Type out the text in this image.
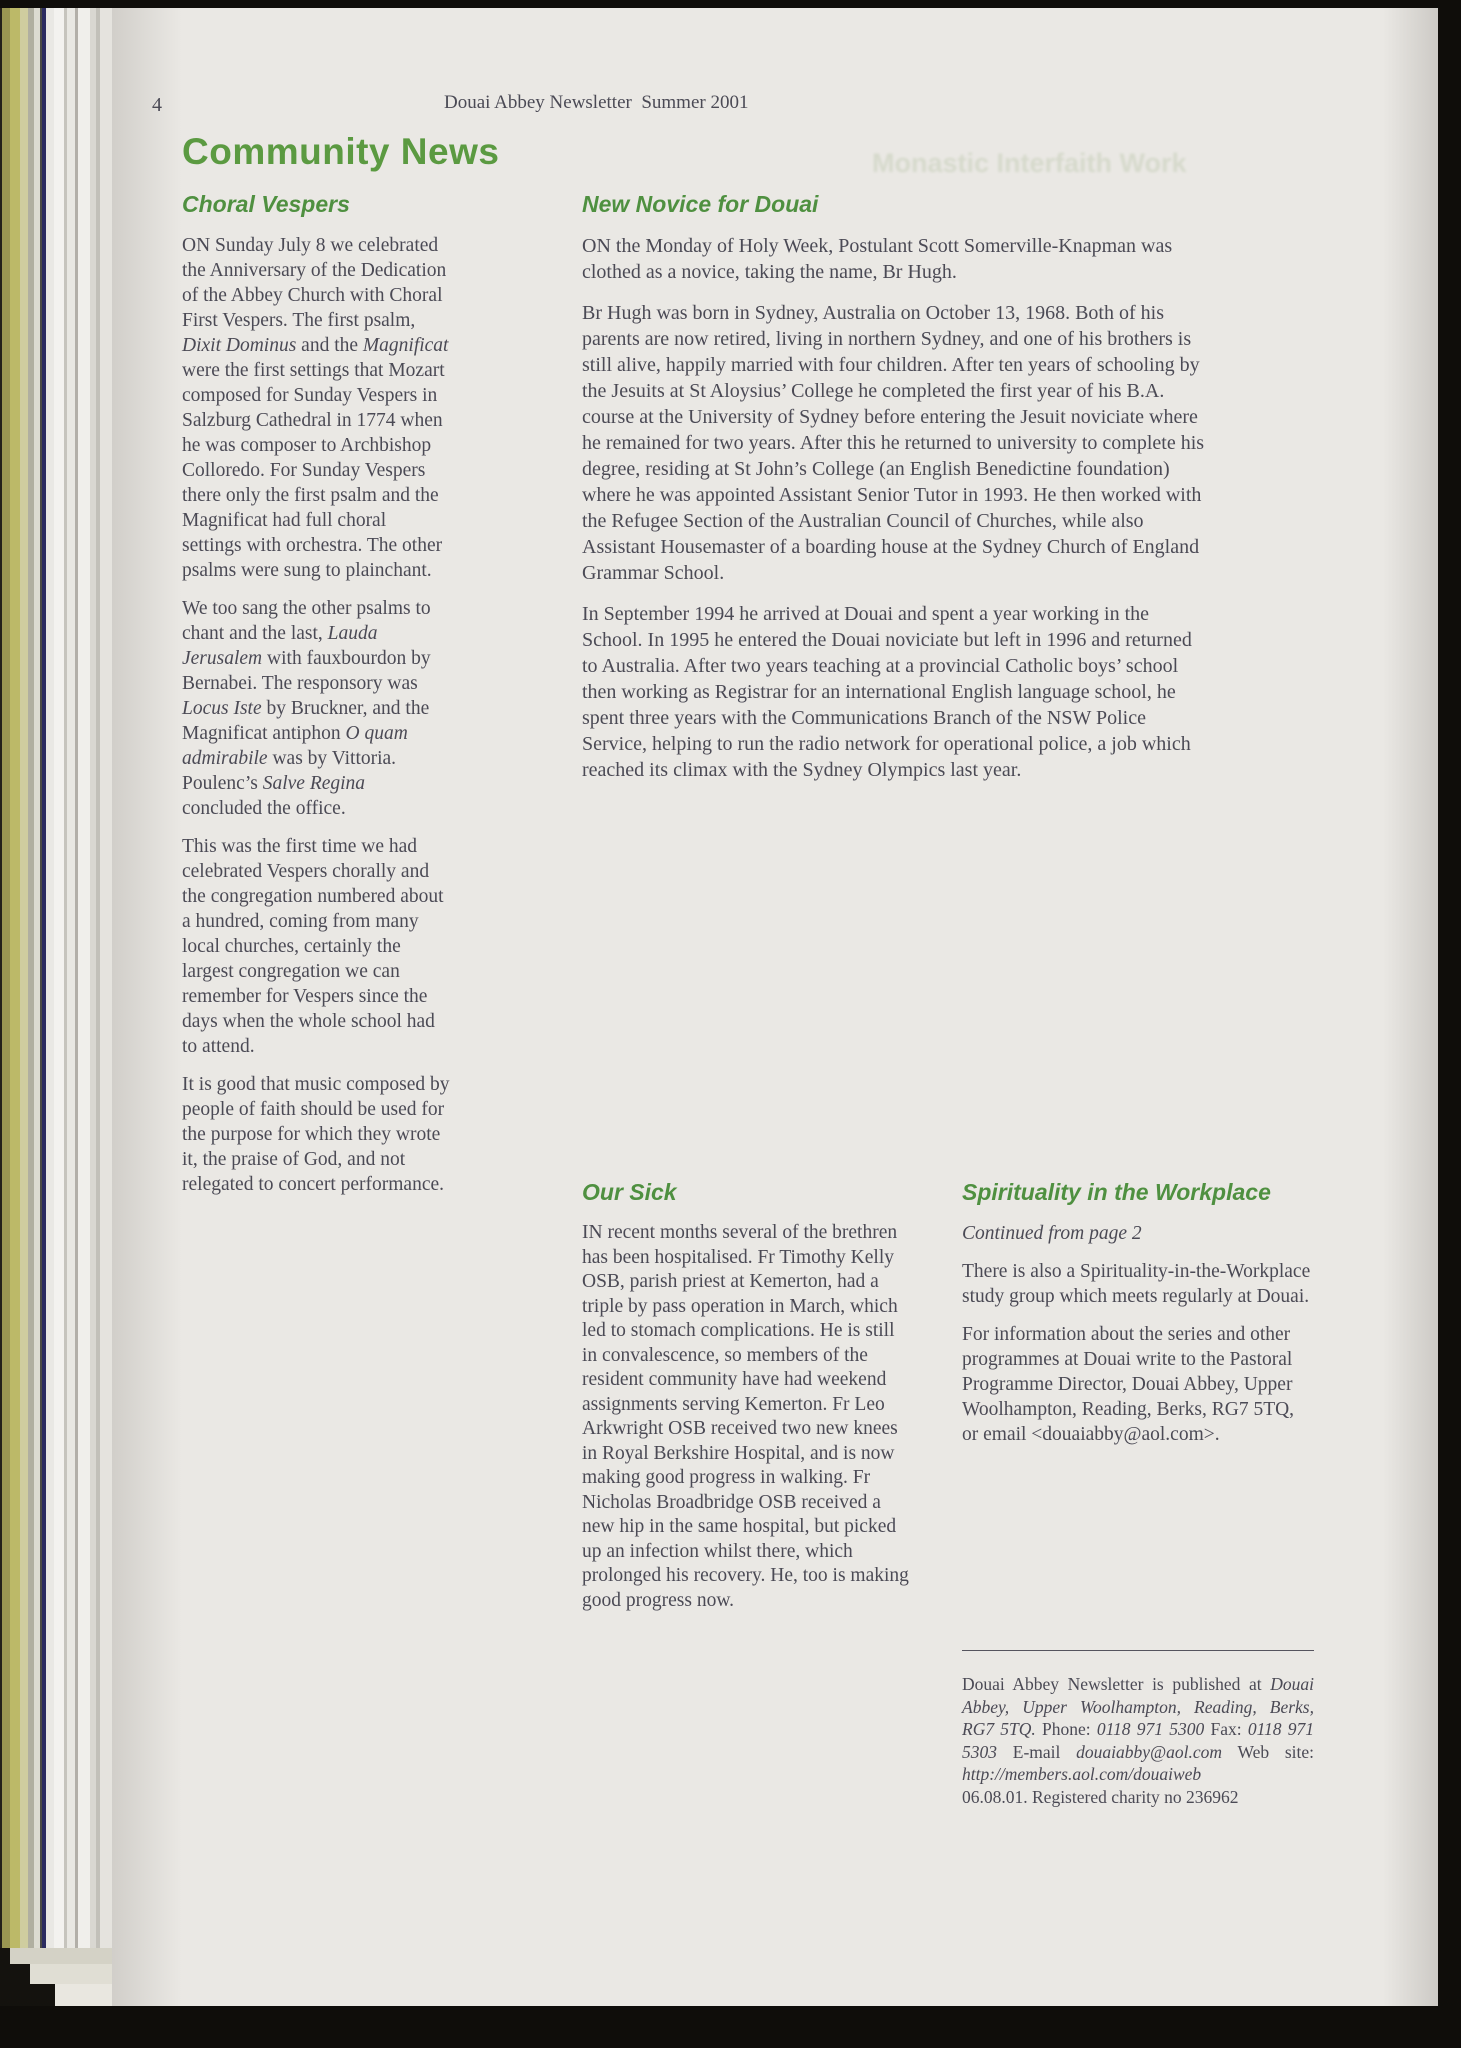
4	Douai Abbey Newsletter  Summer 2001
Community News	Monastic Interfaith Work
Choral Vespers

ON Sunday July 8 we celebrated the Anniversary of the Dedication of the Abbey Church with Choral First Vespers. The first psalm, Dixit Dominus and the Magnificat were the first settings that Mozart composed for Sunday Vespers in Salzburg Cathedral in 1774 when he was composer to Archbishop Colloredo. For Sunday Vespers there only the first psalm and the Magnificat had full choral settings with orchestra. The other psalms were sung to plainchant.

We too sang the other psalms to chant and the last, Lauda Jerusalem with fauxbourdon by Bernabei. The responsory was Locus Iste by Bruckner, and the Magnificat antiphon O quam admirabile was by Vittoria. Poulenc’s Salve Regina concluded the office.

This was the first time we had celebrated Vespers chorally and the congregation numbered about a hundred, coming from many local churches, certainly the largest congregation we can remember for Vespers since the days when the whole school had to attend.

It is good that music composed by people of faith should be used for the purpose for which they wrote it, the praise of God, and not relegated to concert performance.

New Novice for Douai

ON the Monday of Holy Week, Postulant Scott Somerville-Knapman was clothed as a novice, taking the name, Br Hugh.

Br Hugh was born in Sydney, Australia on October 13, 1968. Both of his parents are now retired, living in northern Sydney, and one of his brothers is still alive, happily married with four children. After ten years of schooling by the Jesuits at St Aloysius’ College he completed the first year of his B.A. course at the University of Sydney before entering the Jesuit noviciate where he remained for two years. After this he returned to university to complete his degree, residing at St John’s College (an English Benedictine foundation) where he was appointed Assistant Senior Tutor in 1993. He then worked with the Refugee Section of the Australian Council of Churches, while also Assistant Housemaster of a boarding house at the Sydney Church of England Grammar School.

In September 1994 he arrived at Douai and spent a year working in the School. In 1995 he entered the Douai noviciate but left in 1996 and returned to Australia. After two years teaching at a provincial Catholic boys’ school then working as Registrar for an international English language school, he spent three years with the Communications Branch of the NSW Police Service, helping to run the radio network for operational police, a job which reached its climax with the Sydney Olympics last year.

Our Sick

IN recent months several of the brethren has been hospitalised. Fr Timothy Kelly OSB, parish priest at Kemerton, had a triple by pass operation in March, which led to stomach complications. He is still in convalescence, so members of the resident community have had weekend assignments serving Kemerton. Fr Leo Arkwright OSB received two new knees in Royal Berkshire Hospital, and is now making good progress in walking. Fr Nicholas Broadbridge OSB received a new hip in the same hospital, but picked up an infection whilst there, which prolonged his recovery. He, too is making good progress now.

Spirituality in the Workplace

Continued from page 2

There is also a Spirituality-in-the-Workplace study group which meets regularly at Douai.

For information about the series and other programmes at Douai write to the Pastoral Programme Director, Douai Abbey, Upper Woolhampton, Reading, Berks, RG7 5TQ, or email <douaiabby@aol.com>.

Douai Abbey Newsletter is published at Douai Abbey, Upper Woolhampton, Reading, Berks, RG7 5TQ. Phone: 0118 971 5300 Fax: 0118 971 5303 E-mail douaiabby@aol.com Web site: http://members.aol.com/douaiweb

06.08.01. Registered charity no 236962
